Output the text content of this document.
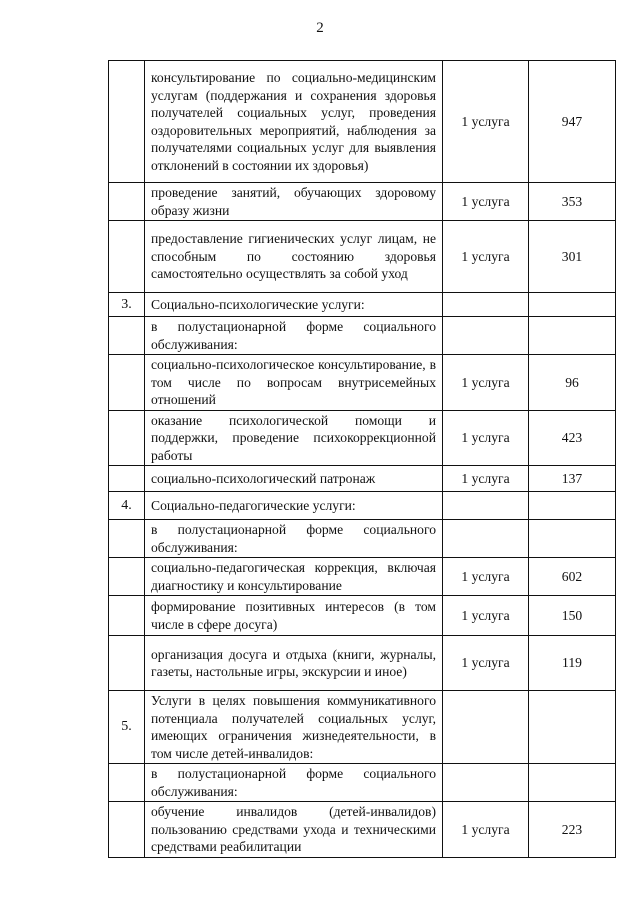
2
	консультирование по социально-медицинским услугам (поддержания и сохранения здоровья получателей социальных услуг, проведения оздоровительных мероприятий, наблюдения за получателями социальных услуг для выявления отклонений в состоянии их здоровья)	1 услуга	947
	проведение занятий, обучающих здоровому образу жизни	1 услуга	353
	предоставление гигиенических услуг лицам, не способным по состоянию здоровья самостоятельно осуществлять за собой уход	1 услуга	301
3.	Социально-психологические услуги:		
	в полустационарной форме социального обслуживания:		
	социально-психологическое консультирование, в том числе по вопросам внутрисемейных отношений	1 услуга	96
	оказание психологической помощи и поддержки, проведение психокоррекционной работы	1 услуга	423
	социально-психологический патронаж	1 услуга	137
4.	Социально-педагогические услуги:		
	в полустационарной форме социального обслуживания:		
	социально-педагогическая коррекция, включая диагностику и консультирование	1 услуга	602
	формирование позитивных интересов (в том числе в сфере досуга)	1 услуга	150
	организация досуга и отдыха (книги, журналы, газеты, настольные игры, экскурсии и иное)	1 услуга	119
5.	Услуги в целях повышения коммуникативного потенциала получателей социальных услуг, имеющих ограничения жизнедеятельности, в том числе детей-инвалидов:		
	в полустационарной форме социального обслуживания:		
	обучение инвалидов (детей-инвалидов) пользованию средствами ухода и техническими средствами реабилитации	1 услуга	223
